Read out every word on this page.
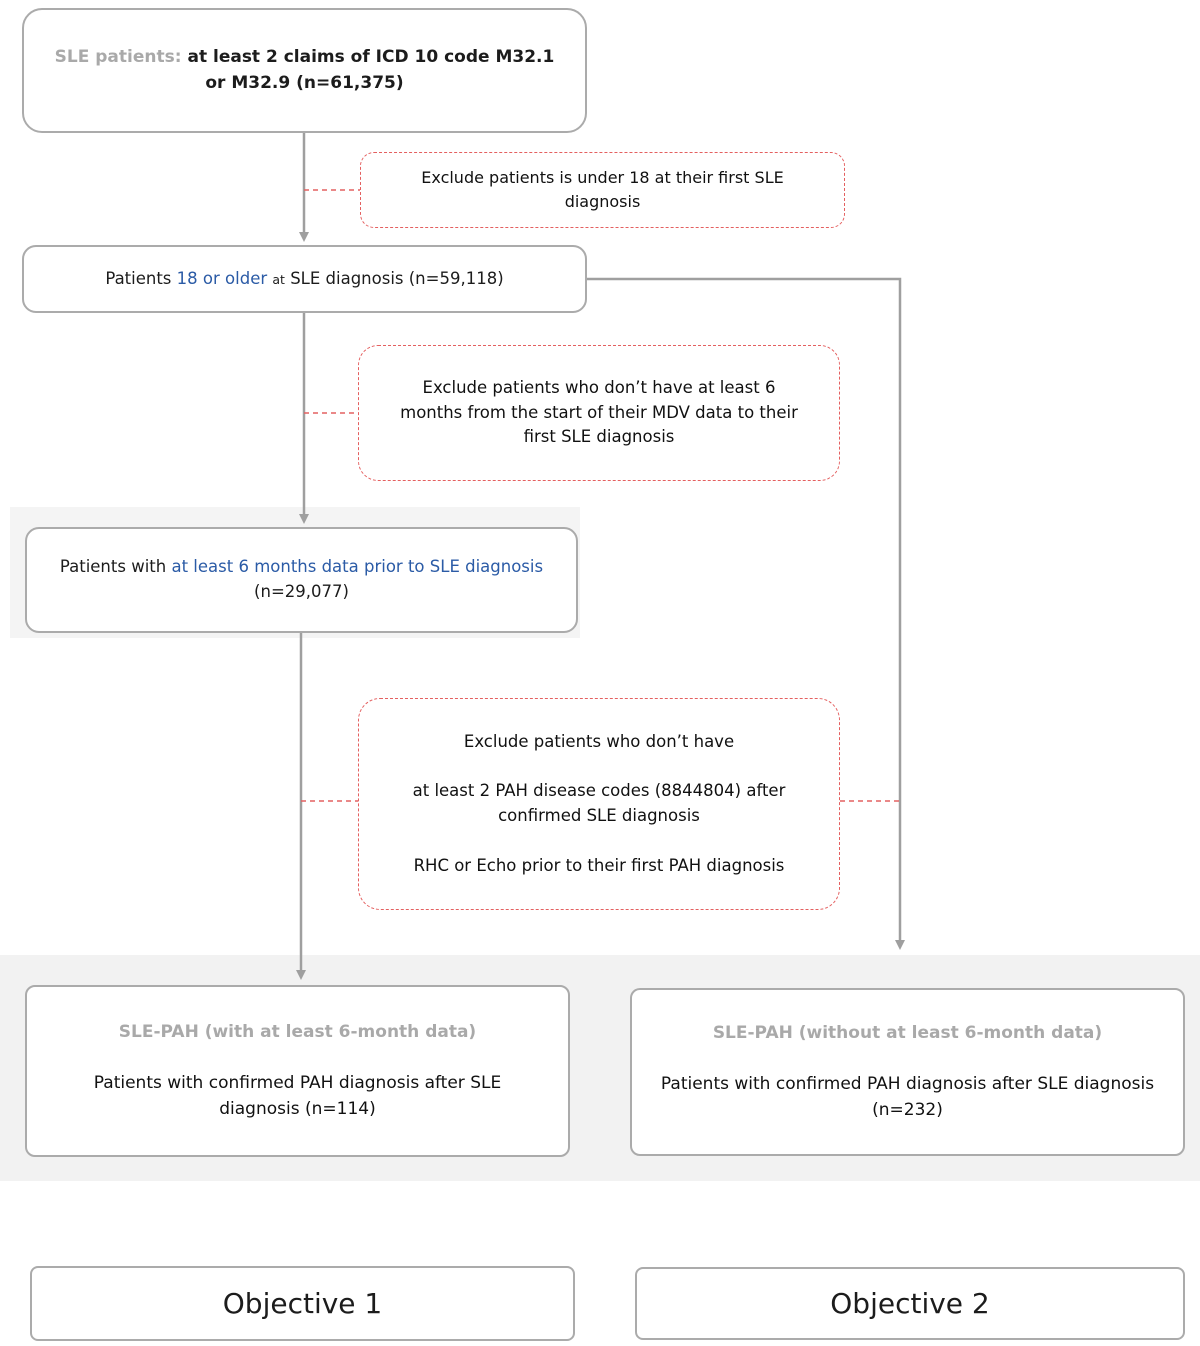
SLE patients: at least 2 claims of ICD 10 code M32.1 or M32.9 (n=61,375)

Exclude patients is under 18 at their first SLE diagnosis

Patients 18 or older at SLE diagnosis (n=59,118)

Exclude patients who don’t have at least 6 months from the start of their MDV data to their first SLE diagnosis

Patients with at least 6 months data prior to SLE diagnosis (n=29,077)

Exclude patients who don’t have

at least 2 PAH disease codes (8844804) after confirmed SLE diagnosis

RHC or Echo prior to their first PAH diagnosis

SLE-PAH (with at least 6-month data)

Patients with confirmed PAH diagnosis after SLE diagnosis (n=114)

SLE-PAH (without at least 6-month data)

Patients with confirmed PAH diagnosis after SLE diagnosis (n=232)

Objective 1	Objective 2
